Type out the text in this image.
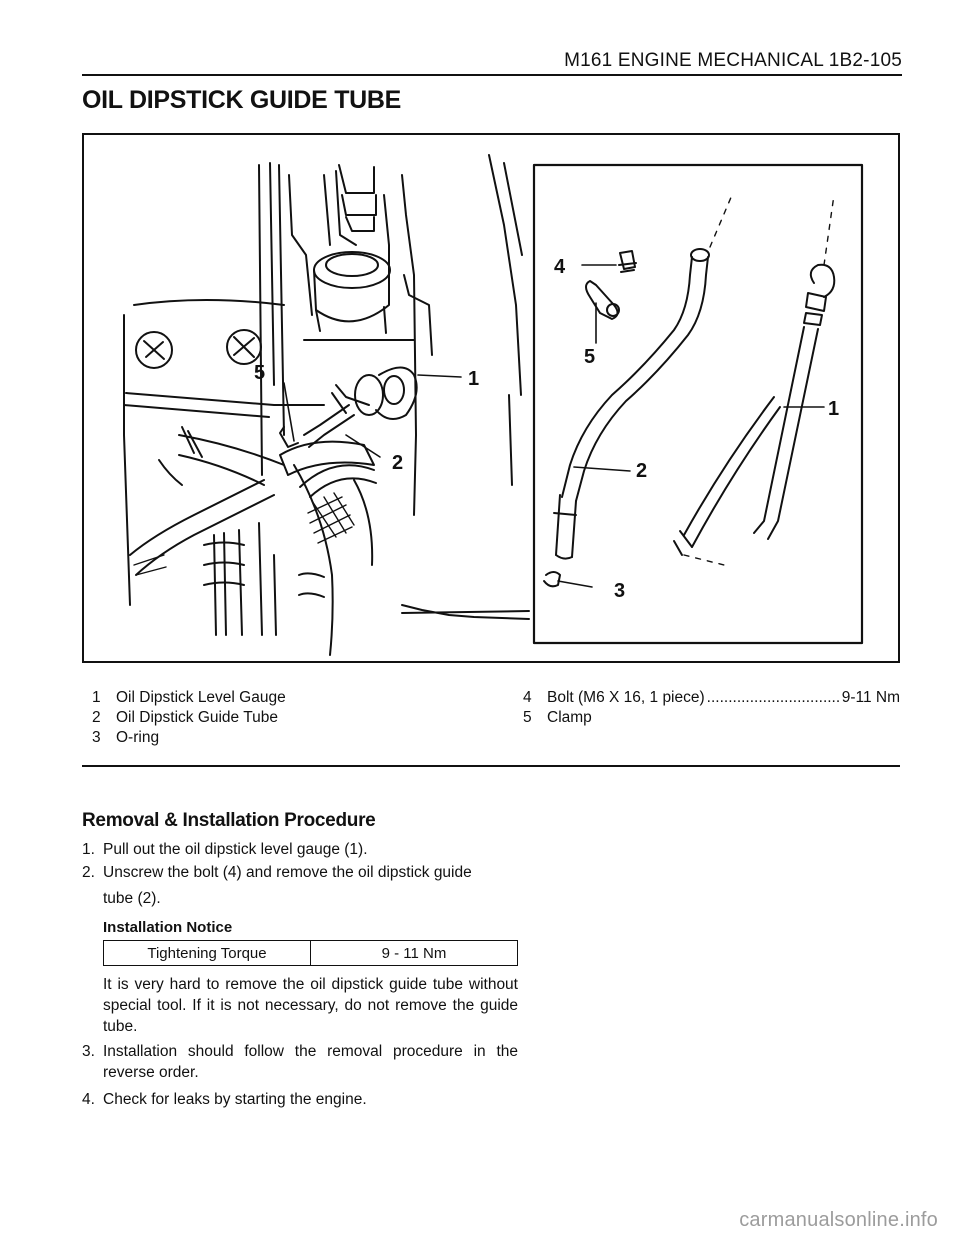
M161 ENGINE MECHANICAL 1B2-105
OIL DIPSTICK GUIDE TUBE
5	1
2
4
5
2
3
1
1 Oil Dipstick Level Gauge
2 Oil Dipstick Guide Tube
3 O-ring
4 Bolt (M6 X 16, 1 piece)
.....	9-11 Nm
5 Clamp
Removal & Installation Procedure
1. Pull out the oil dipstick level gauge (1).
2. Unscrew the bolt (4) and remove the oil dipstick guide
tube (2).
Installation Notice
Tightening Torque	9 - 11 Nm
It is very hard to remove the oil dipstick guide tube without special tool. If it is not necessary, do not remove the guide tube.
3. Installation should follow the removal procedure in the reverse order.
4. Check for leaks by starting the engine.
carmanualsonline.info
